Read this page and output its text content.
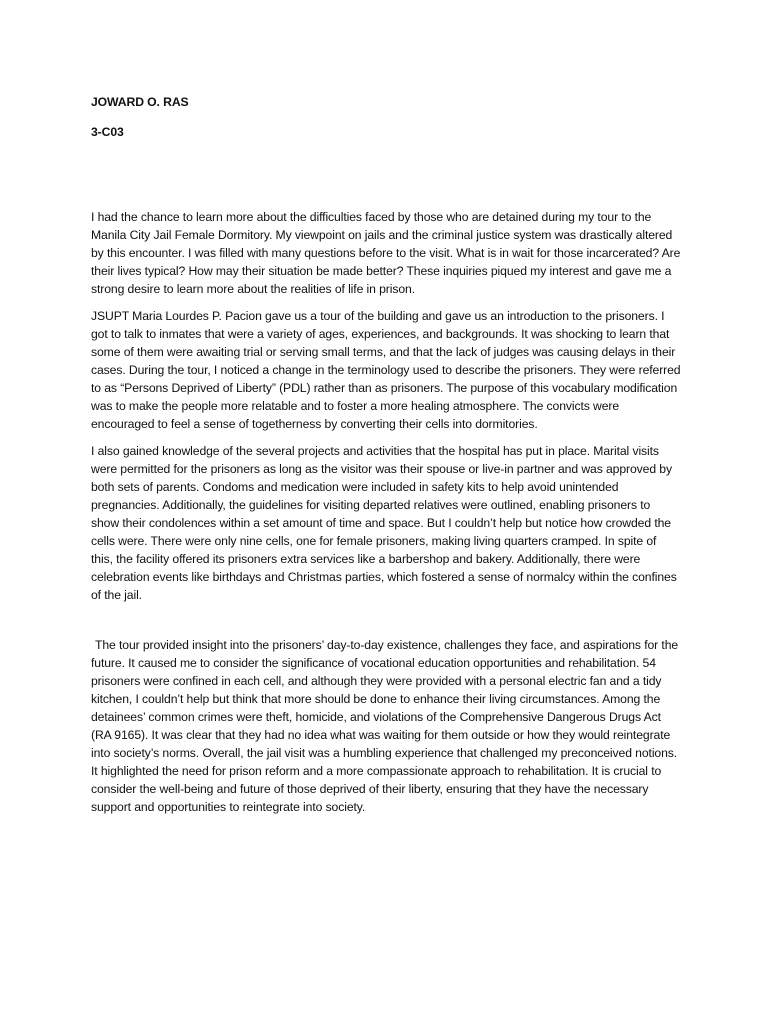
JOWARD O. RAS

3-C03

I had the chance to learn more about the difficulties faced by those who are detained during my tour to the Manila City Jail Female Dormitory. My viewpoint on jails and the criminal justice system was drastically altered by this encounter. I was filled with many questions before to the visit. What is in wait for those incarcerated? Are their lives typical? How may their situation be made better? These inquiries piqued my interest and gave me a strong desire to learn more about the realities of life in prison.

JSUPT Maria Lourdes P. Pacion gave us a tour of the building and gave us an introduction to the prisoners. I got to talk to inmates that were a variety of ages, experiences, and backgrounds. It was shocking to learn that some of them were awaiting trial or serving small terms, and that the lack of judges was causing delays in their cases. During the tour, I noticed a change in the terminology used to describe the prisoners. They were referred to as “Persons Deprived of Liberty” (PDL) rather than as prisoners. The purpose of this vocabulary modification was to make the people more relatable and to foster a more healing atmosphere. The convicts were encouraged to feel a sense of togetherness by converting their cells into dormitories.

I also gained knowledge of the several projects and activities that the hospital has put in place. Marital visits were permitted for the prisoners as long as the visitor was their spouse or live-in partner and was approved by both sets of parents. Condoms and medication were included in safety kits to help avoid unintended pregnancies. Additionally, the guidelines for visiting departed relatives were outlined, enabling prisoners to show their condolences within a set amount of time and space. But I couldn’t help but notice how crowded the cells were. There were only nine cells, one for female prisoners, making living quarters cramped. In spite of this, the facility offered its prisoners extra services like a barbershop and bakery. Additionally, there were celebration events like birthdays and Christmas parties, which fostered a sense of normalcy within the confines of the jail.

The tour provided insight into the prisoners’ day-to-day existence, challenges they face, and aspirations for the future. It caused me to consider the significance of vocational education opportunities and rehabilitation. 54 prisoners were confined in each cell, and although they were provided with a personal electric fan and a tidy kitchen, I couldn’t help but think that more should be done to enhance their living circumstances. Among the detainees’ common crimes were theft, homicide, and violations of the Comprehensive Dangerous Drugs Act (RA 9165). It was clear that they had no idea what was waiting for them outside or how they would reintegrate into society’s norms. Overall, the jail visit was a humbling experience that challenged my preconceived notions. It highlighted the need for prison reform and a more compassionate approach to rehabilitation. It is crucial to consider the well-being and future of those deprived of their liberty, ensuring that they have the necessary support and opportunities to reintegrate into society.
